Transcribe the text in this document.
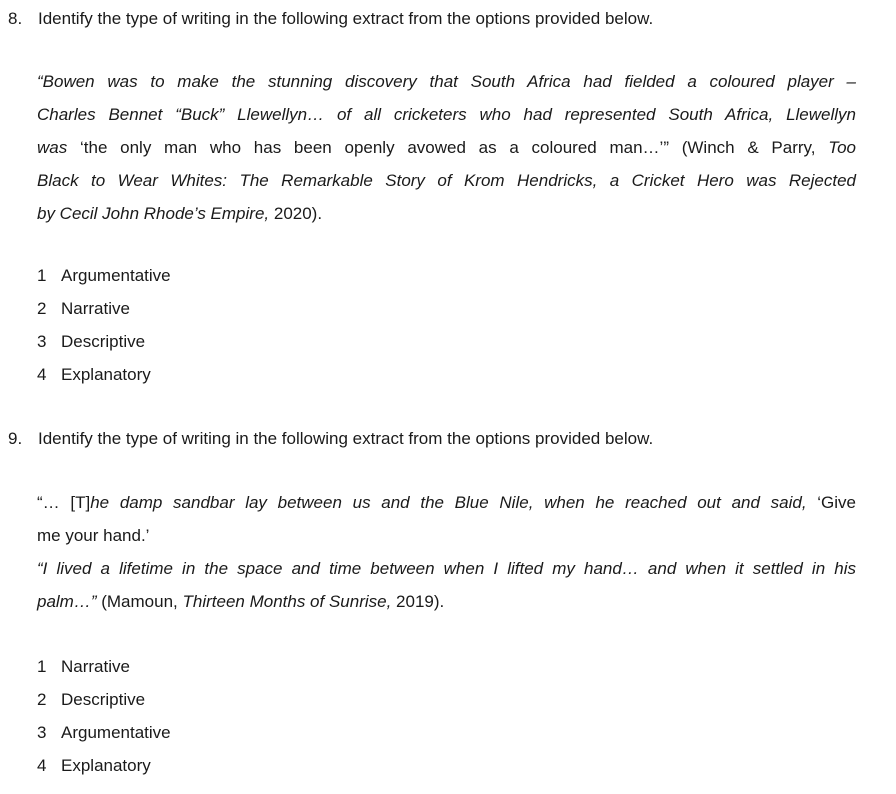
8. Identify the type of writing in the following extract from the options provided below.
“Bowen was to make the stunning discovery that South Africa had fielded a coloured player –
Charles Bennet “Buck” Llewellyn… of all cricketers who had represented South Africa, Llewellyn
was ‘the only man who has been openly avowed as a coloured man…’” (Winch & Parry, Too
Black to Wear Whites: The Remarkable Story of Krom Hendricks, a Cricket Hero was Rejected
by Cecil John Rhode’s Empire, 2020).
1 Argumentative
2 Narrative
3 Descriptive
4 Explanatory
9. Identify the type of writing in the following extract from the options provided below.
“… [T]he damp sandbar lay between us and the Blue Nile, when he reached out and said, ‘Give
me your hand.’
“I lived a lifetime in the space and time between when I lifted my hand… and when it settled in his
palm…” (Mamoun, Thirteen Months of Sunrise, 2019).
1 Narrative
2 Descriptive
3 Argumentative
4 Explanatory
